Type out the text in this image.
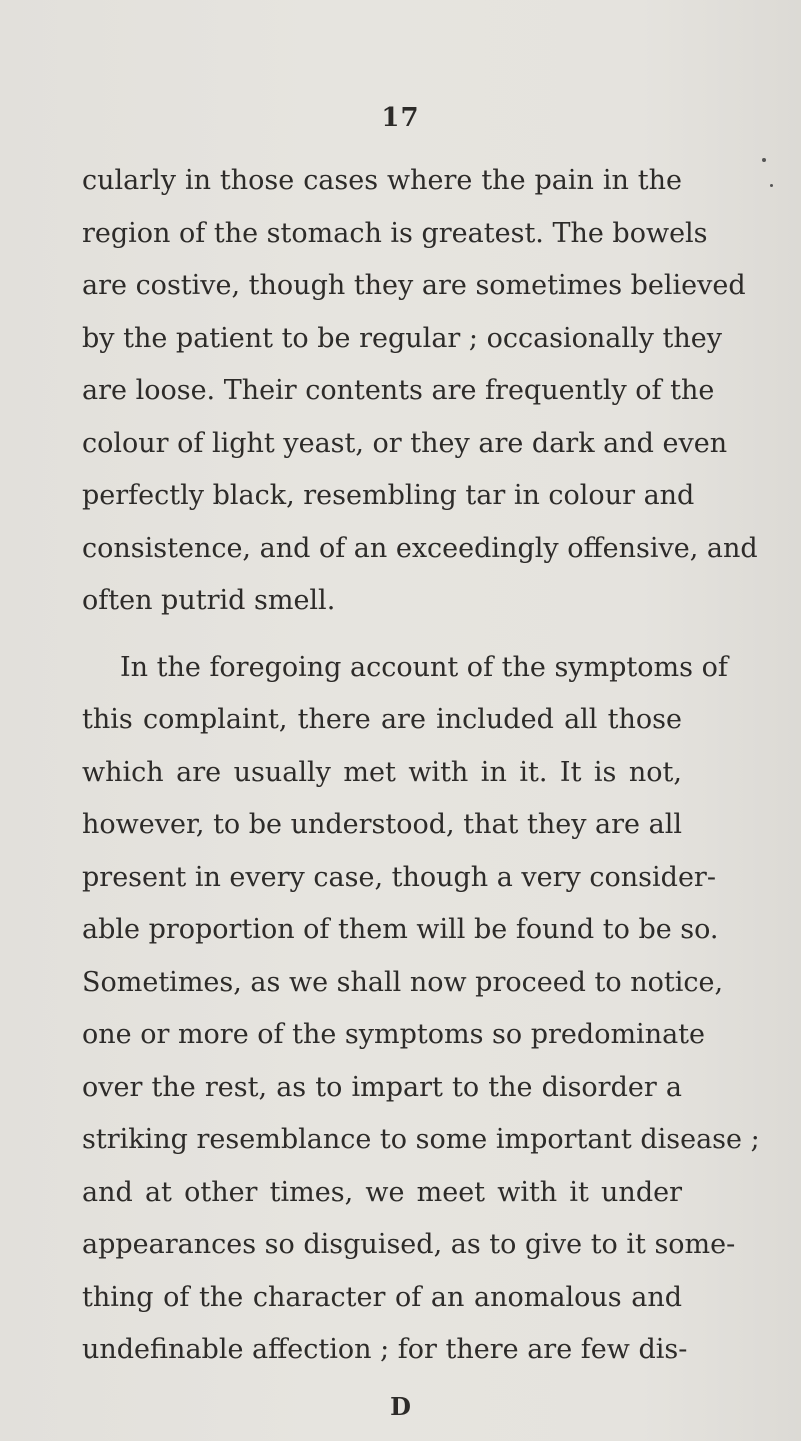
17
cularly in those cases where the pain in the
region of the stomach is greatest. The bowels
are costive, though they are sometimes believed
by the patient to be regular ; occasionally they
are loose. Their contents are frequently of the
colour of light yeast, or they are dark and even
perfectly black, resembling tar in colour and
consistence, and of an exceedingly offensive, and
often putrid smell.
In the foregoing account of the symptoms of
this complaint, there are included all those
which are usually met with in it. It is not,
however, to be understood, that they are all
present in every case, though a very consider-
able proportion of them will be found to be so.
Sometimes, as we shall now proceed to notice,
one or more of the symptoms so predominate
over the rest, as to impart to the disorder a
striking resemblance to some important disease ;
and at other times, we meet with it under
appearances so disguised, as to give to it some-
thing of the character of an anomalous and
undefinable affection ; for there are few dis-
D
